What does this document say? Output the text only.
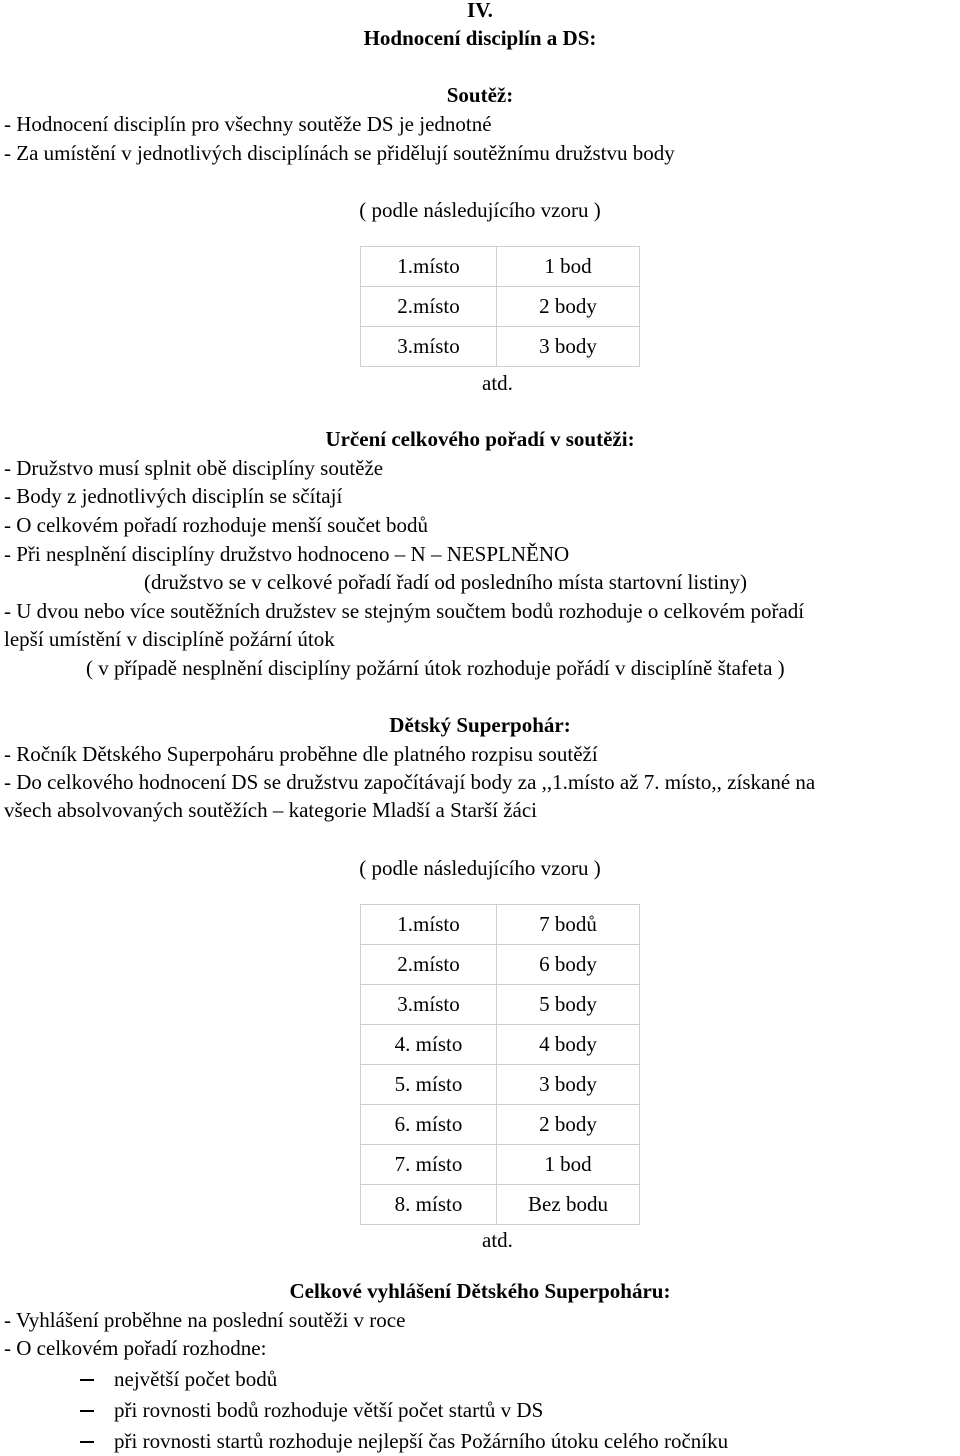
IV.
Hodnocení disciplín a DS:
Soutěž:
- Hodnocení disciplín pro všechny soutěže DS je jednotné
- Za umístění v jednotlivých disciplínách se přidělují soutěžnímu družstvu body
( podle následujícího vzoru )
1.místo	1 bod
2.místo	2 body
3.místo	3 body
atd.
Určení celkového pořadí v soutěži:
- Družstvo musí splnit obě disciplíny soutěže
- Body z jednotlivých disciplín se sčítají
- O celkovém pořadí rozhoduje menší součet bodů
- Při nesplnění disciplíny družstvo hodnoceno – N – NESPLNĚNO
(družstvo se v celkové pořadí řadí od posledního místa startovní listiny)
- U dvou nebo více soutěžních družstev se stejným součtem bodů rozhoduje o celkovém pořadí
lepší umístění v disciplíně požární útok
( v případě nesplnění disciplíny požární útok rozhoduje pořádí v disciplíně štafeta )
Dětský Superpohár:
- Ročník Dětského Superpoháru proběhne dle platného rozpisu soutěží
- Do celkového hodnocení DS se družstvu započítávají body za ,,1.místo až 7. místo,, získané na
všech absolvovaných soutěžích – kategorie Mladší a Starší žáci
( podle následujícího vzoru )
1.místo	7 bodů
2.místo	6 body
3.místo	5 body
4. místo	4 body
5. místo	3 body
6. místo	2 body
7. místo	1 bod
8. místo	Bez bodu
atd.
Celkové vyhlášení Dětského Superpoháru:
- Vyhlášení proběhne na poslední soutěži v roce
- O celkovém pořadí rozhodne:
největší počet bodů
při rovnosti bodů rozhoduje větší počet startů v DS
při rovnosti startů rozhoduje nejlepší čas Požárního útoku celého ročníku
